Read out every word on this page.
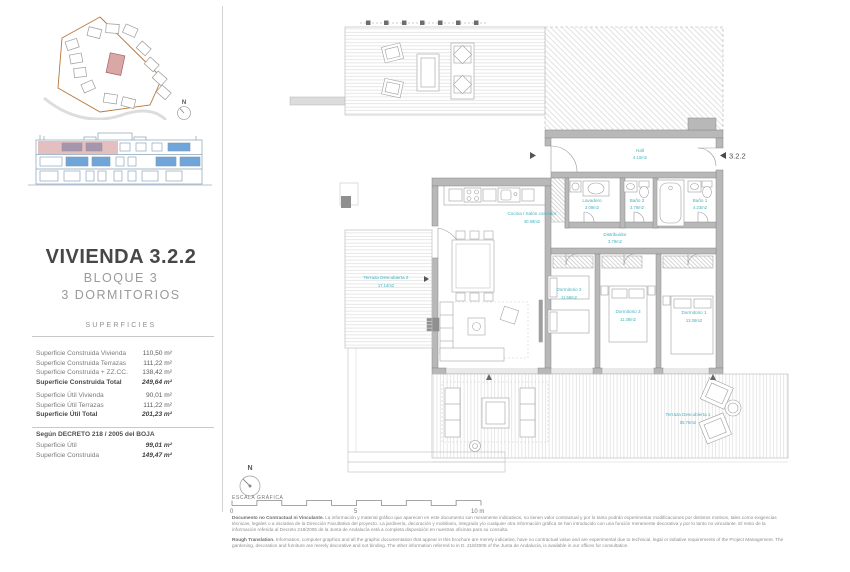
N
VIVIENDA 3.2.2
BLOQUE 3
3 DORMITORIOS
SUPERFICIES
Superficie Construida Vivienda	110,50 m²
Superficie Construida Terrazas	111,22 m²
Superficie Construida + ZZ.CC. 138,42 m²
Superficie Construida Total	249,64 m²
Superficie Útil Vivienda	90,01 m²
Superficie Útil Terrazas	111,22 m²
Superficie Útil Total	201,23 m²
Según DECRETO 218 / 2005 del BOJA
Superficie Útil	99,01 m²
Superficie Construida	149,47 m²
3.2.2
Cocina / Salón comedor
30.59m2
Hall
4.10m2
Lavadero
3.09m2
Baño 2
3.78m2
Baño 1
4.23m2
Distribuidor
3.79m2
Dormitorio 2
11.58m2
Dormitorio 3
11.38m2
Dormitorio 1
13.06m2
Terraza Descubierta 1
55.76m2
Terraza Descubierta 2
17.14m2
N
ESCALA GRÁFICA
0	5	10 m

Documento no Contractual ni Vinculante. La información y material gráfico que aparecen en este documento son meramente indicativos, no tienen valor contractual y por lo tanto podrán experimentar modificaciones por distintos motivos, tales como exigencias técnicas, legales o a iniciativa de la Dirección Facultativa del proyecto. La jardinería, decoración y mobiliario, integrado y/o cualquier otra información gráfica se han introducido con una función meramente decorativa y por lo tanto no vinculante. El resto de la información referida al Decreto 218/2005 de la Junta de Andalucía está a completa disposición en nuestras oficinas para su consulta.

Rough Translation. Information, computer graphics and all the graphic documentation that appear in this brochure are merely indicative, have no contractual value and are experimental due to technical, legal or initiative requirements of the Project Management. The gardening, decoration and furniture are merely decorative and not binding. The other information referred to in D. 218/2005 of the Junta de Andalucía, is available in our offices for consultation.
